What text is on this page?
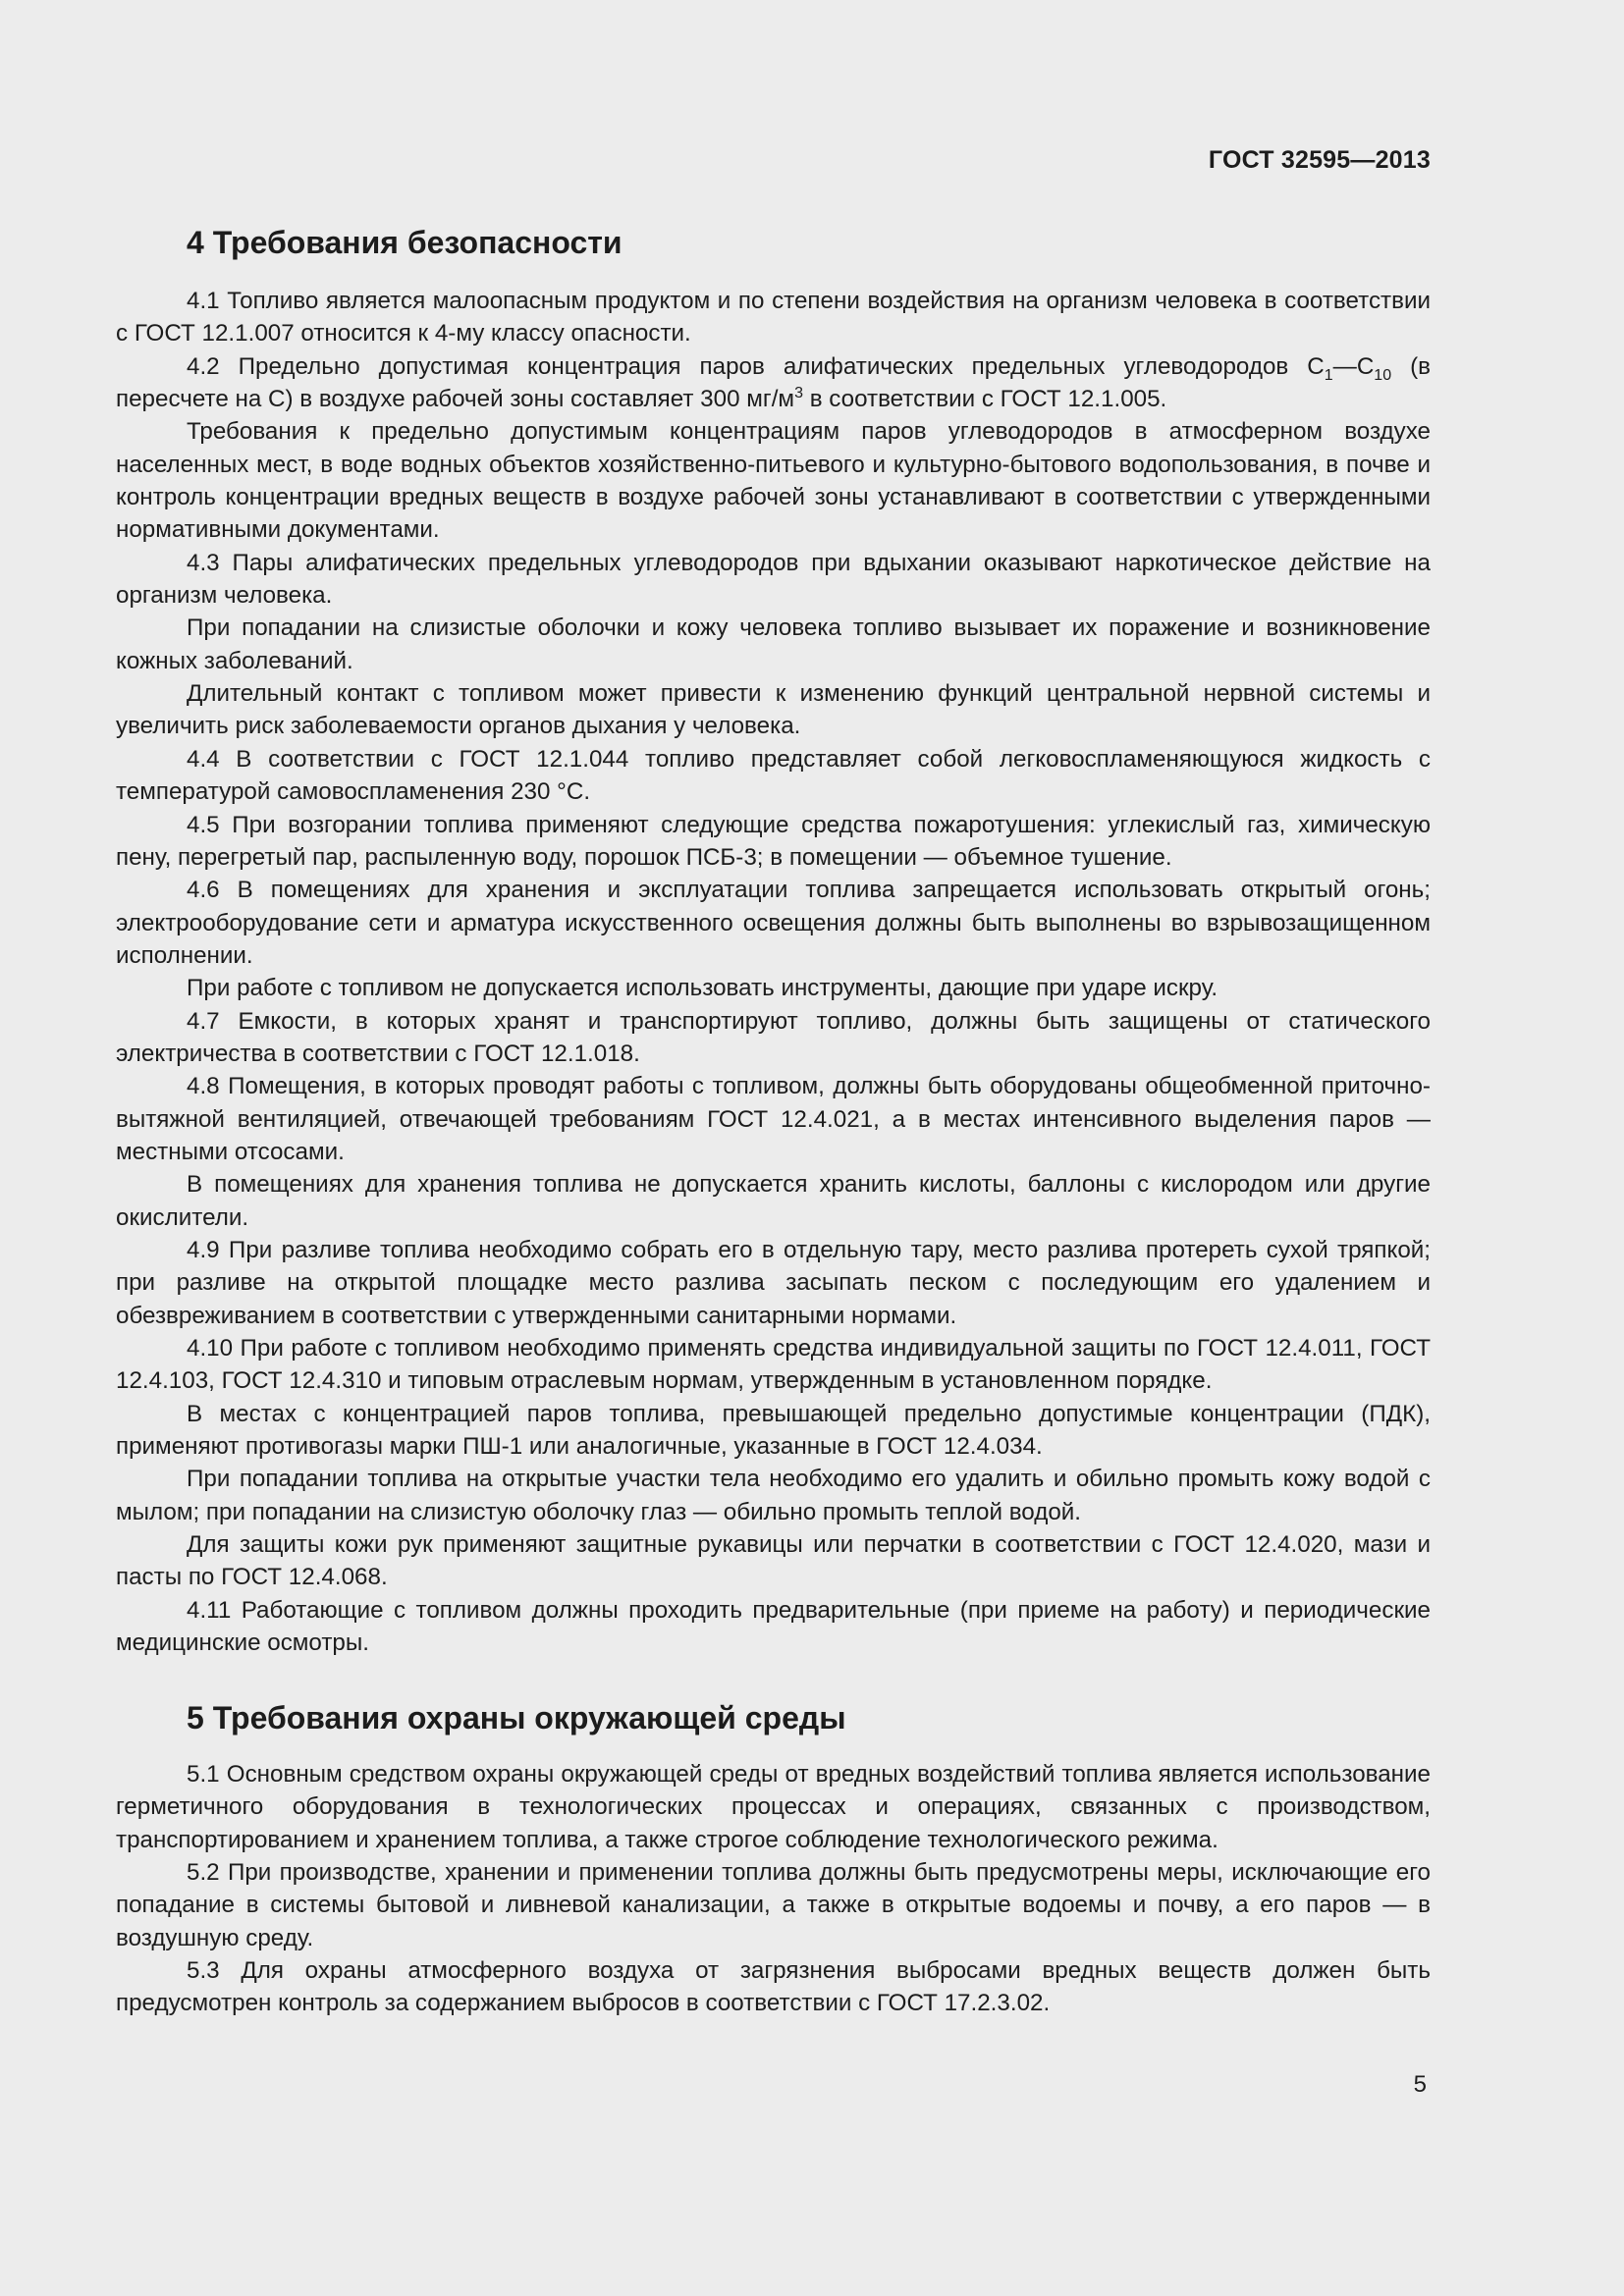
ГОСТ 32595—2013
4 Требования безопасности

4.1 Топливо является малоопасным продуктом и по степени воздействия на организм человека в соответствии с ГОСТ 12.1.007 относится к 4-му классу опасности.

4.2 Предельно допустимая концентрация паров алифатических предельных углеводородов $С_1—С_{10}$ (в пересчете на С) в воздухе рабочей зоны составляет 300 $мг/м^3$ в соответствии с ГОСТ 12.1.005.

Требования к предельно допустимым концентрациям паров углеводородов в атмосферном воздухе населенных мест, в воде водных объектов хозяйственно-питьевого и культурно-бытового водопользования, в почве и контроль концентрации вредных веществ в воздухе рабочей зоны устанавливают в соответствии с утвержденными нормативными документами.

4.3 Пары алифатических предельных углеводородов при вдыхании оказывают наркотическое действие на организм человека.

При попадании на слизистые оболочки и кожу человека топливо вызывает их поражение и возникновение кожных заболеваний.

Длительный контакт с топливом может привести к изменению функций центральной нервной системы и увеличить риск заболеваемости органов дыхания у человека.

4.4 В соответствии с ГОСТ 12.1.044 топливо представляет собой легковоспламеняющуюся жидкость с температурой самовоспламенения 230 °С.

4.5 При возгорании топлива применяют следующие средства пожаротушения: углекислый газ, химическую пену, перегретый пар, распыленную воду, порошок ПСБ-3; в помещении — объемное тушение.

4.6 В помещениях для хранения и эксплуатации топлива запрещается использовать открытый огонь; электрооборудование сети и арматура искусственного освещения должны быть выполнены во взрывозащищенном исполнении.

При работе с топливом не допускается использовать инструменты, дающие при ударе искру.

4.7 Емкости, в которых хранят и транспортируют топливо, должны быть защищены от статического электричества в соответствии с ГОСТ 12.1.018.

4.8 Помещения, в которых проводят работы с топливом, должны быть оборудованы общеобменной приточно-вытяжной вентиляцией, отвечающей требованиям ГОСТ 12.4.021, а в местах интенсивного выделения паров — местными отсосами.

В помещениях для хранения топлива не допускается хранить кислоты, баллоны с кислородом или другие окислители.

4.9 При разливе топлива необходимо собрать его в отдельную тару, место разлива протереть сухой тряпкой; при разливе на открытой площадке место разлива засыпать песком с последующим его удалением и обезвреживанием в соответствии с утвержденными санитарными нормами.

4.10 При работе с топливом необходимо применять средства индивидуальной защиты по ГОСТ 12.4.011, ГОСТ 12.4.103, ГОСТ 12.4.310 и типовым отраслевым нормам, утвержденным в установленном порядке.

В местах с концентрацией паров топлива, превышающей предельно допустимые концентрации (ПДК), применяют противогазы марки ПШ-1 или аналогичные, указанные в ГОСТ 12.4.034.

При попадании топлива на открытые участки тела необходимо его удалить и обильно промыть кожу водой с мылом; при попадании на слизистую оболочку глаз — обильно промыть теплой водой.

Для защиты кожи рук применяют защитные рукавицы или перчатки в соответствии с ГОСТ 12.4.020, мази и пасты по ГОСТ 12.4.068.

4.11 Работающие с топливом должны проходить предварительные (при приеме на работу) и периодические медицинские осмотры.

5 Требования охраны окружающей среды

5.1 Основным средством охраны окружающей среды от вредных воздействий топлива является использование герметичного оборудования в технологических процессах и операциях, связанных с производством, транспортированием и хранением топлива, а также строгое соблюдение технологического режима.

5.2 При производстве, хранении и применении топлива должны быть предусмотрены меры, исключающие его попадание в системы бытовой и ливневой канализации, а также в открытые водоемы и почву, а его паров — в воздушную среду.

5.3 Для охраны атмосферного воздуха от загрязнения выбросами вредных веществ должен быть предусмотрен контроль за содержанием выбросов в соответствии с ГОСТ 17.2.3.02.

5
